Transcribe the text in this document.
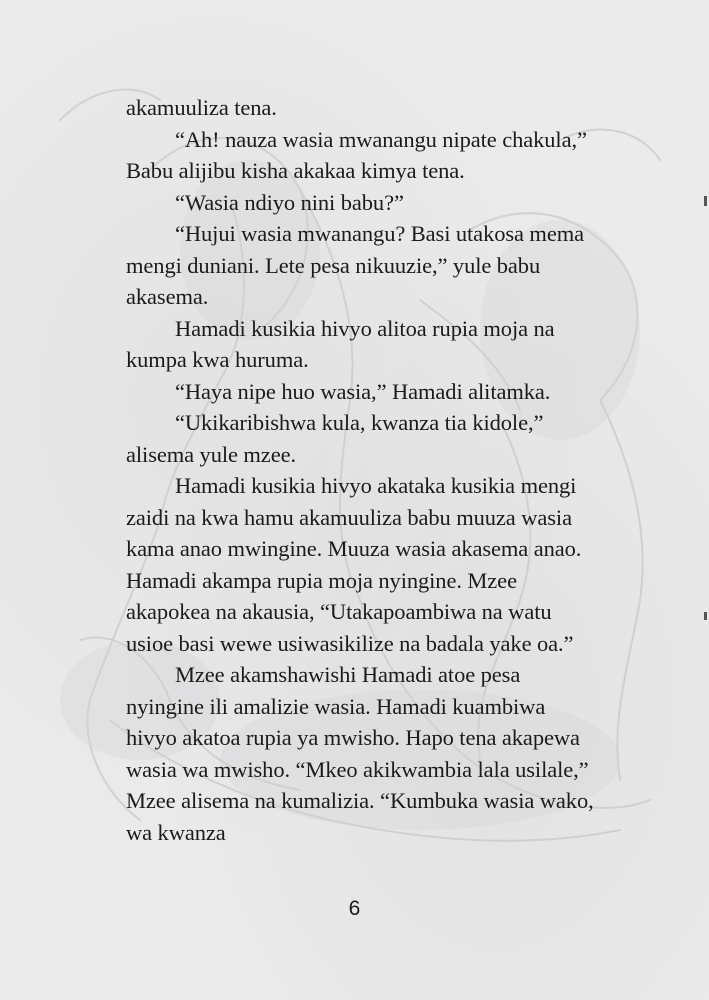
akamuuliza tena.

“Ah! nauza wasia mwanangu nipate chakula,” Babu alijibu kisha akakaa kimya tena.

“Wasia ndiyo nini babu?”

“Hujui wasia mwanangu? Basi utakosa mema mengi duniani. Lete pesa nikuuzie,” yule babu akasema.

Hamadi kusikia hivyo alitoa rupia moja na kumpa kwa huruma.

“Haya nipe huo wasia,” Hamadi alitamka.

“Ukikaribishwa kula, kwanza tia kidole,” alisema yule mzee.

Hamadi kusikia hivyo akataka kusikia mengi zaidi na kwa hamu akamuuliza babu muuza wasia kama anao mwingine. Muuza wasia akasema anao. Hamadi akampa rupia moja nyingine. Mzee akapokea na akausia, “Utakapoambiwa na watu usioe basi wewe usiwasikilize na badala yake oa.”

Mzee akamshawishi Hamadi atoe pesa nyingine ili amalizie wasia. Hamadi kuambiwa hivyo akatoa rupia ya mwisho. Hapo tena akapewa wasia wa mwisho. “Mkeo akikwambia lala usilale,” Mzee alisema na kumalizia. “Kumbuka wasia wako, wa kwanza

6
